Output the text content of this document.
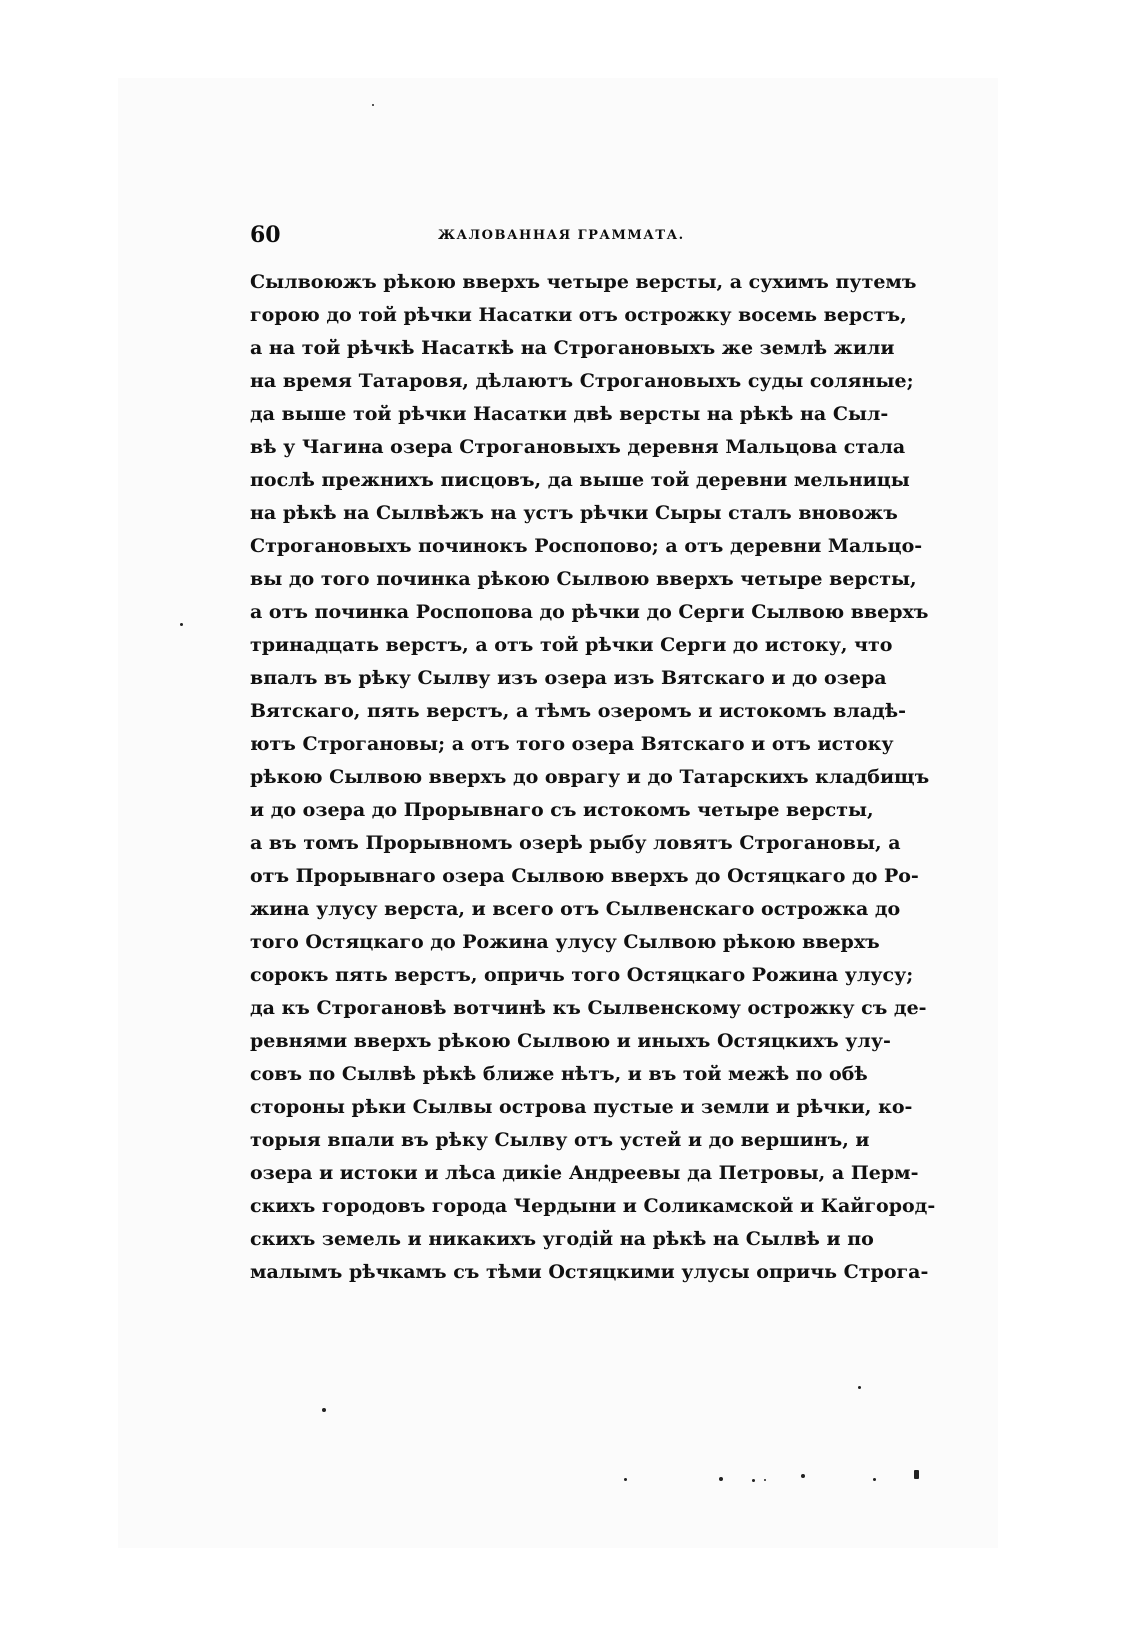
60	ЖАЛОВАННАЯ ГРАММАТА.
Сылвоюжъ рѣкою вверхъ четыре версты, а сухимъ путемъ
горою до той рѣчки Насатки отъ острожку восемь верстъ,
а на той рѣчкѣ Насаткѣ на Строгановыхъ же землѣ жили
на время Татаровя, дѣлаютъ Строгановыхъ суды соляные;
да выше той рѣчки Насатки двѣ версты на рѣкѣ на Сыл-
вѣ у Чагина озера Строгановыхъ деревня Мальцова стала
послѣ прежнихъ писцовъ, да выше той деревни мельницы
на рѣкѣ на Сылвѣжъ на устъ рѣчки Сыры сталъ вновожъ
Строгановыхъ починокъ Роспопово; а отъ деревни Мальцо-
вы до того починка рѣкою Сылвою вверхъ четыре версты,
а отъ починка Роспопова до рѣчки до Серги Сылвою вверхъ
тринадцать верстъ, а отъ той рѣчки Серги до истоку, что
впалъ въ рѣку Сылву изъ озера изъ Вятскаго и до озера
Вятскаго, пять верстъ, а тѣмъ озеромъ и истокомъ владѣ-
ютъ Строгановы; а отъ того озера Вятскаго и отъ истоку
рѣкою Сылвою вверхъ до оврагу и до Татарскихъ кладбищъ
и до озера до Прорывнаго съ истокомъ четыре версты,
а въ томъ Прорывномъ озерѣ рыбу ловятъ Строгановы, а
отъ Прорывнаго озера Сылвою вверхъ до Остяцкаго до Ро-
жина улусу верста, и всего отъ Сылвенскаго острожка до
того Остяцкаго до Рожина улусу Сылвою рѣкою вверхъ
сорокъ пять верстъ, опричь того Остяцкаго Рожина улусу;
да къ Строгановѣ вотчинѣ къ Сылвенскому острожку съ де-
ревнями вверхъ рѣкою Сылвою и иныхъ Остяцкихъ улу-
совъ по Сылвѣ рѣкѣ ближе нѣтъ, и въ той межѣ по обѣ
стороны рѣки Сылвы острова пустые и земли и рѣчки, ко-
торыя впали въ рѣку Сылву отъ устей и до вершинъ, и
озера и истоки и лѣса дикіе Андреевы да Петровы, а Перм-
скихъ городовъ города Чердыни и Соликамской и Кайгород-
скихъ земель и никакихъ угодій на рѣкѣ на Сылвѣ и по
малымъ рѣчкамъ съ тѣми Остяцкими улусы опричь Строга-
